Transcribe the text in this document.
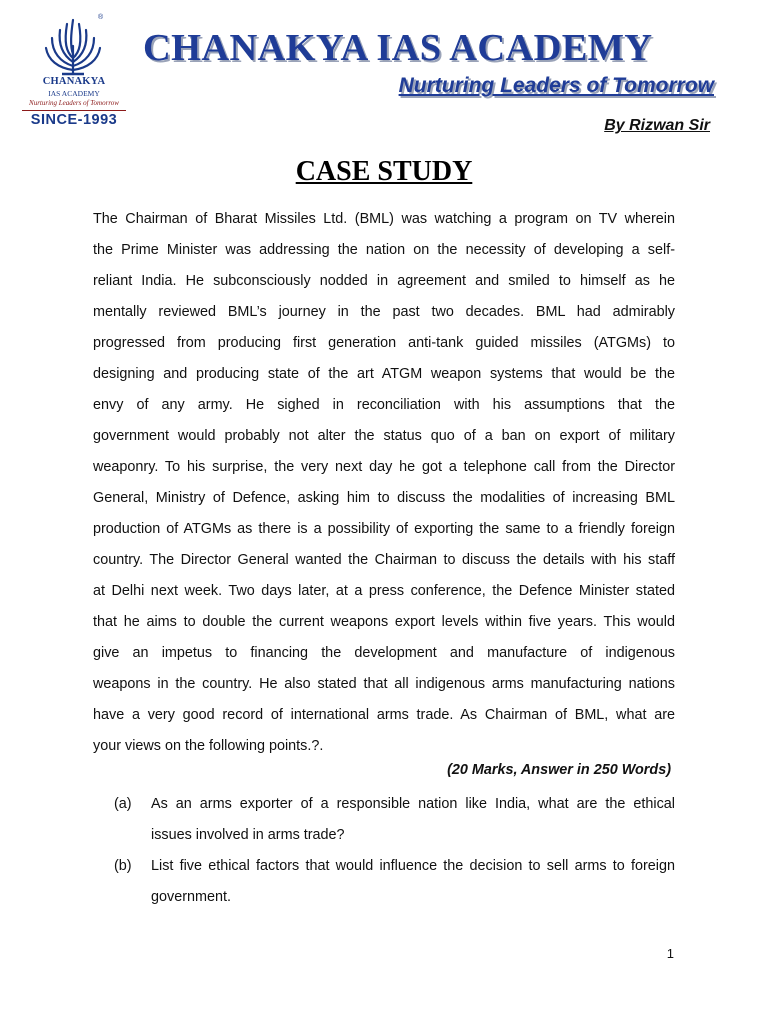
®
CHANAKYA
IAS ACADEMY
Nurturing Leaders of Tomorrow
SINCE-1993
CHANAKYA IAS ACADEMY
Nurturing Leaders of Tomorrow
By Rizwan Sir
CASE STUDY
The Chairman of Bharat Missiles Ltd. (BML) was watching a program on TV wherein
the Prime Minister was addressing the nation on the necessity of developing a self-
reliant India. He subconsciously nodded in agreement and smiled to himself as he
mentally reviewed BML’s journey in the past two decades. BML had admirably
progressed from producing first generation anti-tank guided missiles (ATGMs) to
designing and producing state of the art ATGM weapon systems that would be the
envy of any army. He sighed in reconciliation with his assumptions that the
government would probably not alter the status quo of a ban on export of military
weaponry. To his surprise, the very next day he got a telephone call from the Director
General, Ministry of Defence, asking him to discuss the modalities of increasing BML
production of ATGMs as there is a possibility of exporting the same to a friendly foreign
country. The Director General wanted the Chairman to discuss the details with his staff
at Delhi next week. Two days later, at a press conference, the Defence Minister stated
that he aims to double the current weapons export levels within five years. This would
give an impetus to financing the development and manufacture of indigenous
weapons in the country. He also stated that all indigenous arms manufacturing nations
have a very good record of international arms trade. As Chairman of BML, what are
your views on the following points.?.
(20 Marks, Answer in 250 Words)
(a) As an arms exporter of a responsible nation like India, what are the ethical
issues involved in arms trade?
(b) List five ethical factors that would influence the decision to sell arms to foreign
government.
1
